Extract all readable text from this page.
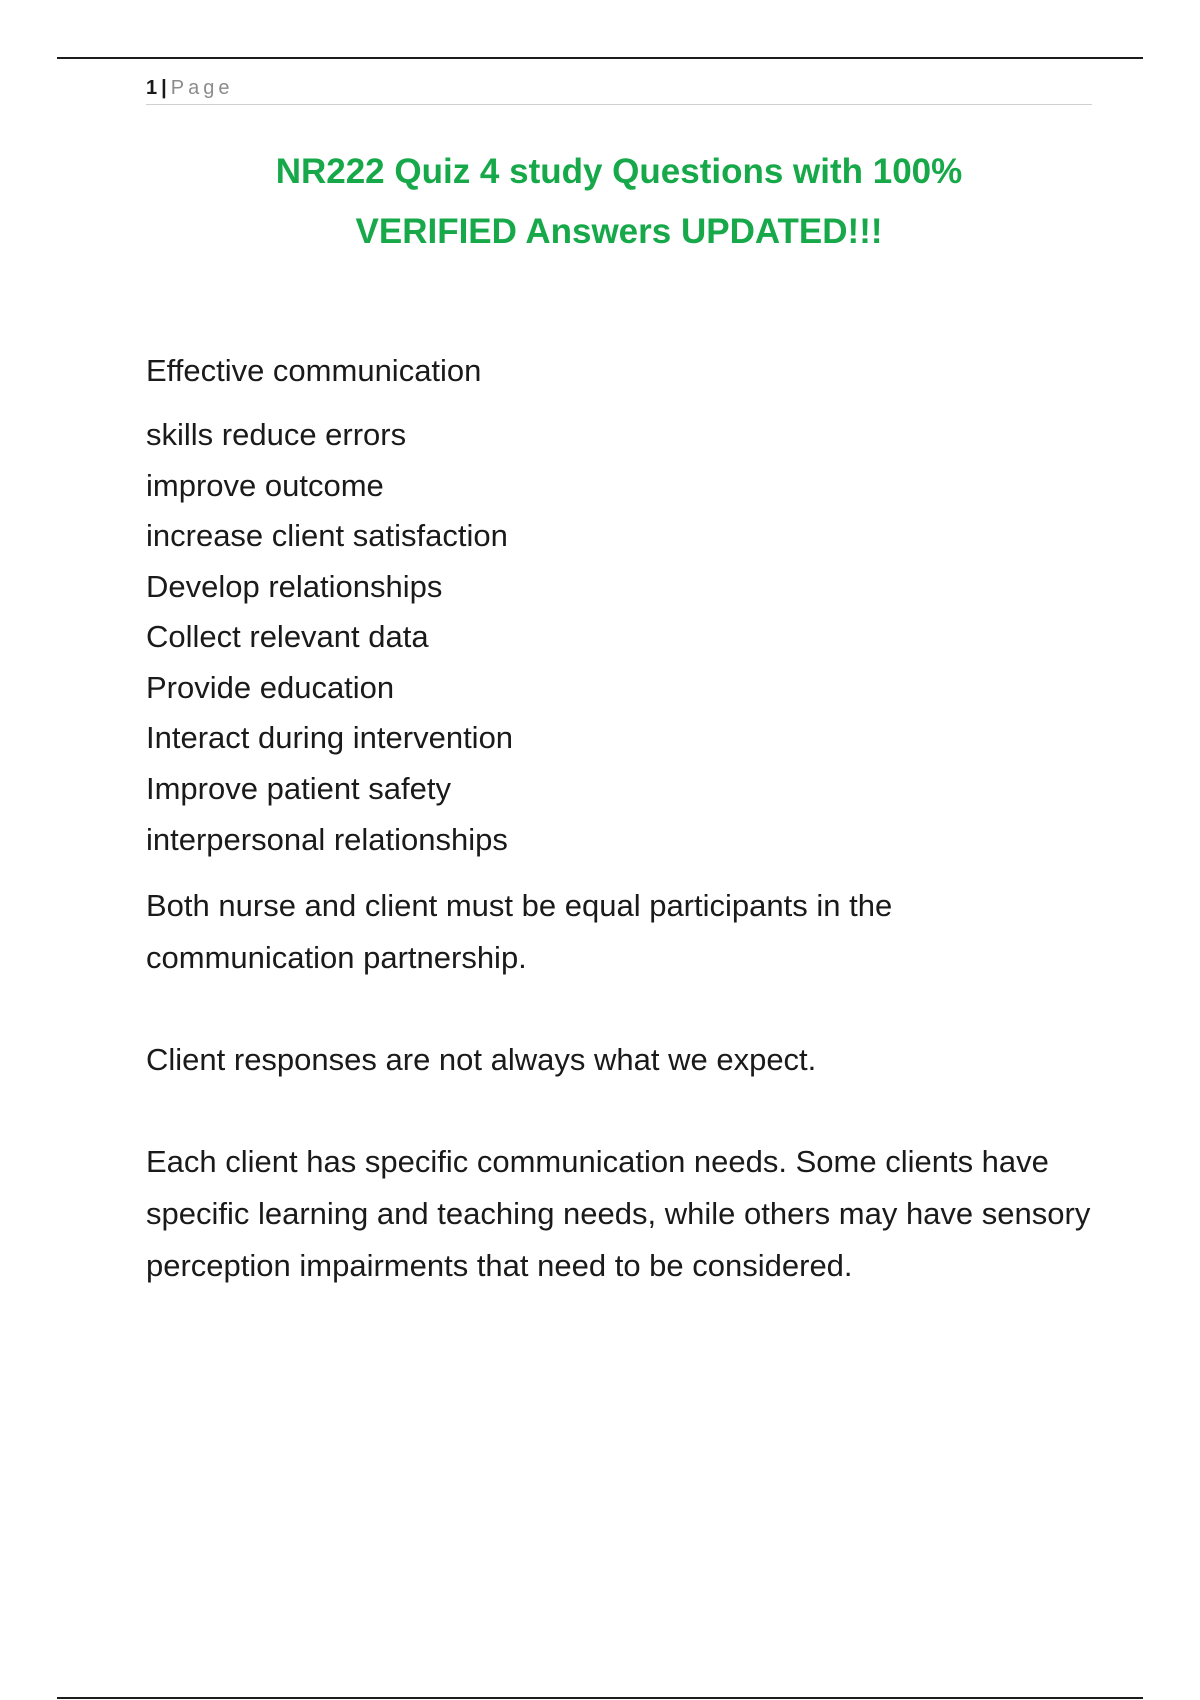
1 | Page
NR222 Quiz 4 study Questions with 100%
VERIFIED Answers UPDATED!!!

Effective communication

skills reduce errors
improve outcome
increase client satisfaction
Develop relationships
Collect relevant data
Provide education
Interact during intervention
Improve patient safety

interpersonal relationships

Both nurse and client must be equal participants in the communication partnership.

Client responses are not always what we expect.

Each client has specific communication needs. Some clients have specific learning and teaching needs, while others may have sensory perception impairments that need to be considered.
